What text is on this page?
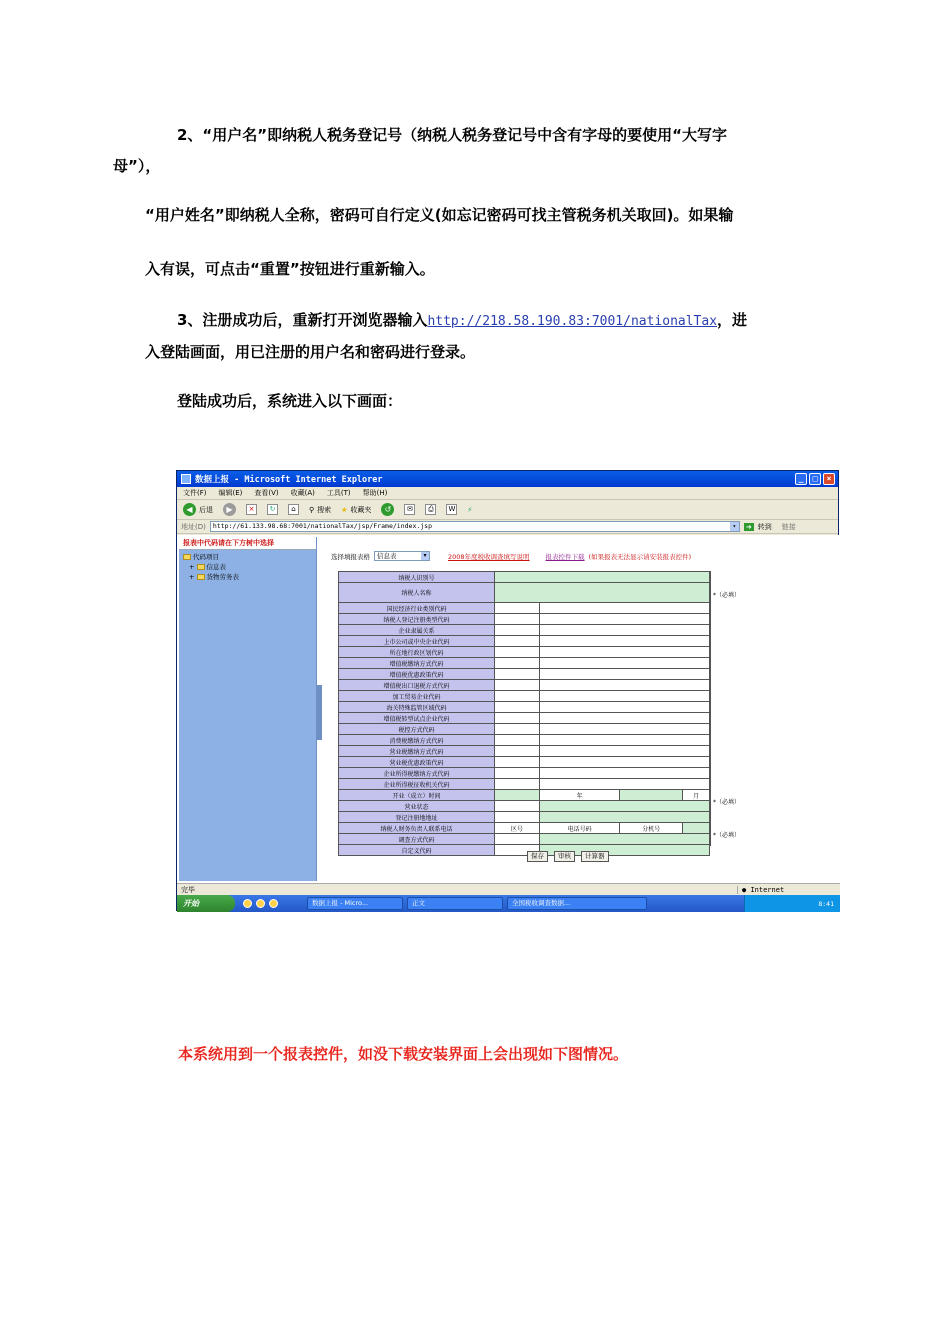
2、“用户名”即纳税人税务登记号（纳税人税务登记号中含有字母的要使用“大写字
母”），
“用户姓名”即纳税人全称，密码可自行定义(如忘记密码可找主管税务机关取回)。如果输
入有误，可点击“重置”按钮进行重新输入。
3、注册成功后，重新打开浏览器输入http://218.58.190.83:7001/nationalTax，进
入登陆画面，用已注册的用户名和密码进行登录。
登陆成功后，系统进入以下画面：
数据上报 - Microsoft Internet Explorer	_	□	×
文件(F) 编辑(E) 查看(V) 收藏(A) 工具(T) 帮助(H)
◀ 后退	▶	×	↻	⌂	⚲ 搜索 ★ 收藏夹	↺	✉	⎙	W ⚡
地址(D)	http://61.133.98.68:7001/nationalTax/jsp/Frame/index.jsp	▾	➜ 转到 链接
报表中代码请在下方树中选择
代码项目
+ 信息表
+ 货物劳务表
选择填报表格	信息表	▾	2008年度税收调查填写说明 报表控件下载 (如果报表无法显示请安装报表控件)
纳税人识别号				
纳税人名称				
国民经济行业类别代码				
纳税人登记注册类型代码				
企业隶属关系				
上市公司或中央企业代码				
所在地行政区划代码				
增值税缴纳方式代码				
增值税优惠政策代码				
增值税出口退税方式代码				
加工贸易企业代码				
海关特殊监管区域代码				
增值税转型试点企业代码				
税控方式代码				
消费税缴纳方式代码				
营业税缴纳方式代码				
营业税优惠政策代码				
企业所得税缴纳方式代码				
企业所得税征收机关代码				
开业（成立）时间		年		月
营业状态				
登记注册地地址				
纳税人财务负责人联系电话	区号	电话号码	分机号	
调查方式代码				
自定义代码				
*（必填）
*（必填）
*（必填）
保存	审核	计算器
完毕	● Internet
开始	数据上报 - Micro...	正文	全国税收调查数据...	8:41
本系统用到一个报表控件，如没下载安装界面上会出现如下图情况。
